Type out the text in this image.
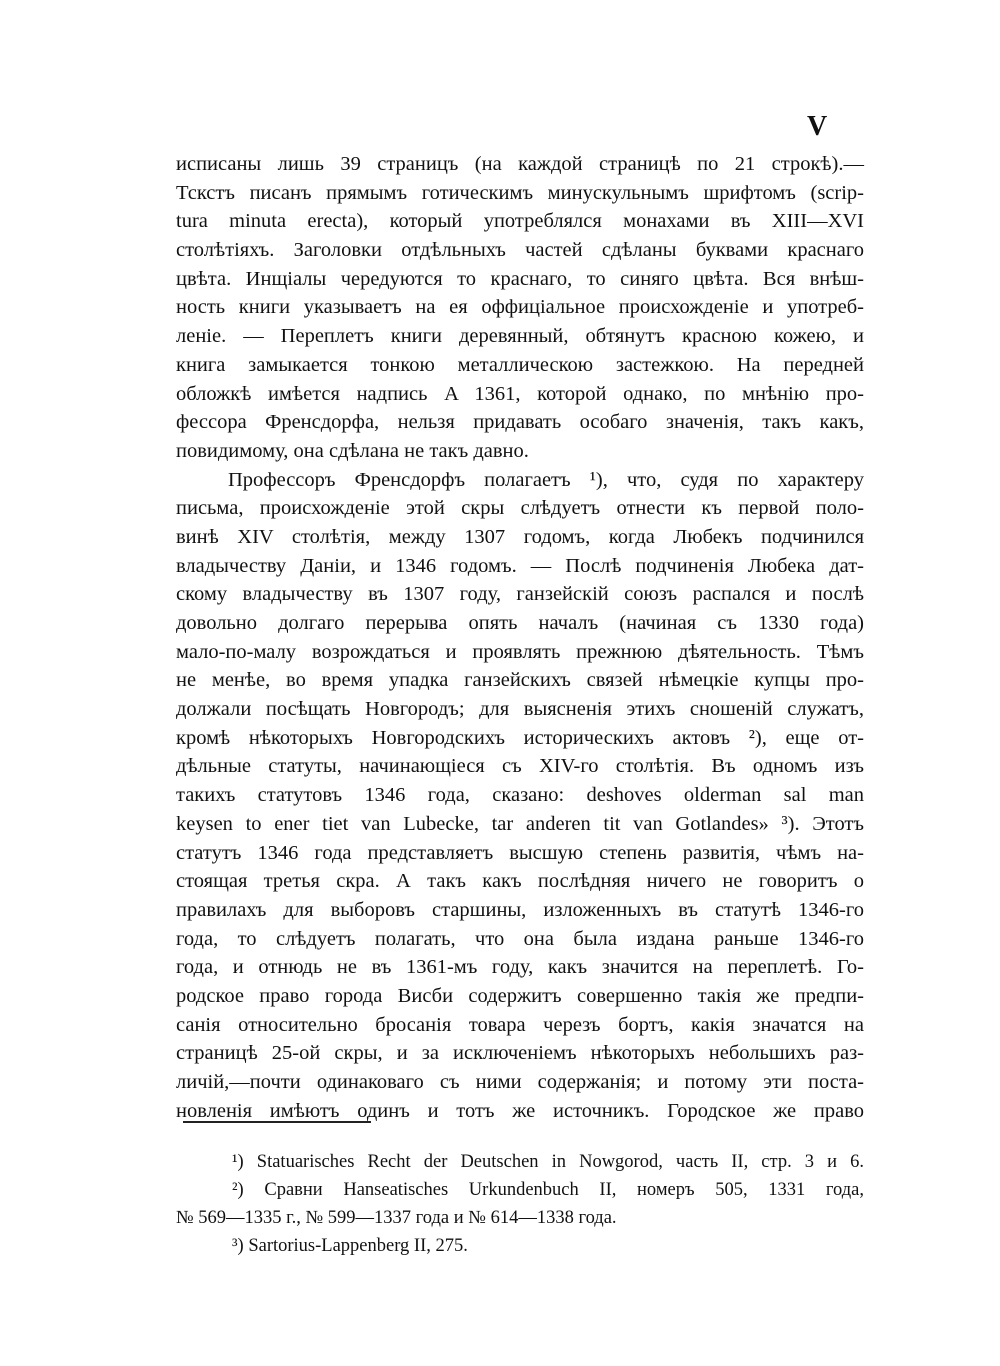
V
исписаны лишь 39 страницъ (на каждой страницѣ по 21 строкѣ).—
Тскстъ писанъ прямымъ готическимъ минускульнымъ шрифтомъ (scrip-
tura minuta erecta), который употреблялся монахами въ XIII—XVI
столѣтіяхъ. Заголовки отдѣльныхъ частей сдѣланы буквами краснаго
цвѣта. Инщіалы чередуются то краснаго, то синяго цвѣта. Вся внѣш-
ность книги указываетъ на ея оффиціальное происхожденіе и употреб-
леніе. — Переплетъ книги деревянный, обтянутъ красною кожею, и
книга замыкается тонкою металлическою застежкою. На передней
обложкѣ имѣется надпись A 1361, которой однако, по мнѣнію про-
фессора Френсдорфа, нельзя придавать особаго значенія, такъ какъ,
повидимому, она сдѣлана не такъ давно.
Профессоръ Френсдорфъ полагаетъ ¹), что, судя по характеру
письма, происхожденіе этой скры слѣдуетъ отнести къ первой поло-
винѣ XIV столѣтія, между 1307 годомъ, когда Любекъ подчинился
владычеству Даніи, и 1346 годомъ. — Послѣ подчиненія Любека дат-
скому владычеству въ 1307 году, ганзейскій союзъ распался и послѣ
довольно долгаго перерыва опять началъ (начиная съ 1330 года)
мало-по-малу возрождаться и проявлять прежнюю дѣятельность. Тѣмъ
не менѣе, во время упадка ганзейскихъ связей нѣмецкіе купцы про-
должали посѣщать Новгородъ; для выясненія этихъ сношеній служатъ,
кромѣ нѣкоторыхъ Новгородскихъ историческихъ актовъ ²), еще от-
дѣльные статуты, начинающіеся съ XIV-го столѣтія. Въ одномъ изъ
такихъ статутовъ 1346 года, сказано: deshoves olderman sal man
keysen to ener tiet van Lubecke, tar anderen tit van Gotlandes» ³). Этотъ
статутъ 1346 года представляетъ высшую степень развитія, чѣмъ на-
стоящая третья скра. А такъ какъ послѣдняя ничего не говоритъ о
правилахъ для выборовъ старшины, изложенныхъ въ статутѣ 1346-го
года, то слѣдуетъ полагать, что она была издана раньше 1346-го
года, и отнюдь не въ 1361-мъ году, какъ значится на переплетѣ. Го-
родское право города Висби содержитъ совершенно такія же предпи-
санія относительно бросанія товара черезъ бортъ, какія значатся на
страницѣ 25-ой скры, и за исключеніемъ нѣкоторыхъ небольшихъ раз-
личій,—почти одинаковаго съ ними содержанія; и потому эти поста-
новленія имѣютъ одинъ и тотъ же источникъ. Городское же право
¹) Statuarisches Recht der Deutschen in Nowgorod, часть II, стр. 3 и 6.
²) Сравни Hanseatisches Urkundenbuch II, номеръ 505, 1331 года,
№ 569—1335 г., № 599—1337 года и № 614—1338 года.
³) Sartorius-Lappenberg II, 275.
